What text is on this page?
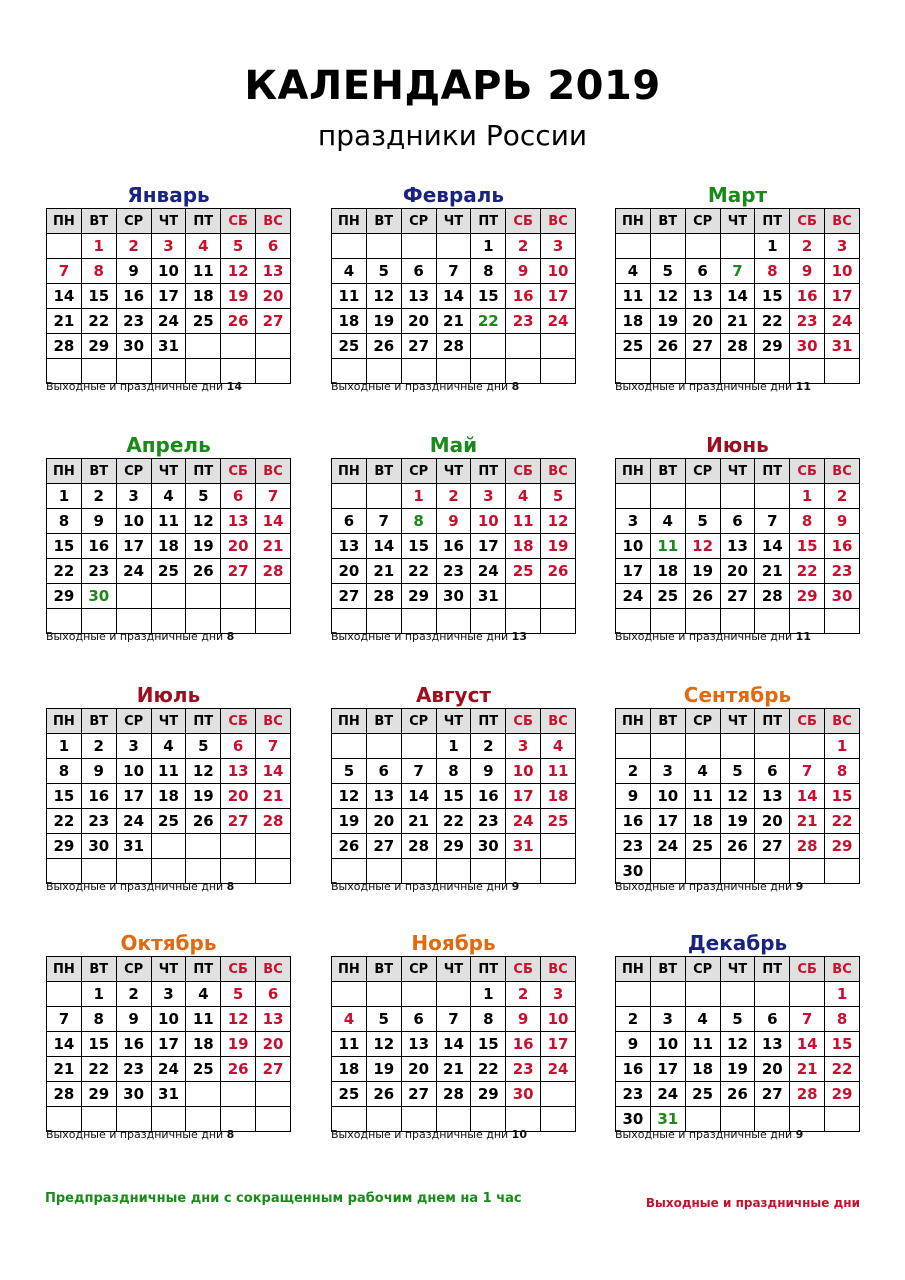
КАЛЕНДАРЬ 2019
праздники России
Январь
ПН	ВТ	СР	ЧТ	ПТ	СБ	ВС
	1	2	3	4	5	6
7	8	9	10	11	12	13
14	15	16	17	18	19	20
21	22	23	24	25	26	27
28	29	30	31			

Выходные и праздничные дни 14
Февраль
ПН	ВТ	СР	ЧТ	ПТ	СБ	ВС
				1	2	3
4	5	6	7	8	9	10
11	12	13	14	15	16	17
18	19	20	21	22	23	24
25	26	27	28			

Выходные и праздничные дни 8
Март
ПН	ВТ	СР	ЧТ	ПТ	СБ	ВС
				1	2	3
4	5	6	7	8	9	10
11	12	13	14	15	16	17
18	19	20	21	22	23	24
25	26	27	28	29	30	31

Выходные и праздничные дни 11
Апрель
ПН	ВТ	СР	ЧТ	ПТ	СБ	ВС
1	2	3	4	5	6	7
8	9	10	11	12	13	14
15	16	17	18	19	20	21
22	23	24	25	26	27	28
29	30					

Выходные и праздничные дни 8
Май
ПН	ВТ	СР	ЧТ	ПТ	СБ	ВС
		1	2	3	4	5
6	7	8	9	10	11	12
13	14	15	16	17	18	19
20	21	22	23	24	25	26
27	28	29	30	31		

Выходные и праздничные дни 13
Июнь
ПН	ВТ	СР	ЧТ	ПТ	СБ	ВС
					1	2
3	4	5	6	7	8	9
10	11	12	13	14	15	16
17	18	19	20	21	22	23
24	25	26	27	28	29	30

Выходные и праздничные дни 11
Июль
ПН	ВТ	СР	ЧТ	ПТ	СБ	ВС
1	2	3	4	5	6	7
8	9	10	11	12	13	14
15	16	17	18	19	20	21
22	23	24	25	26	27	28
29	30	31				

Выходные и праздничные дни 8
Август
ПН	ВТ	СР	ЧТ	ПТ	СБ	ВС
			1	2	3	4
5	6	7	8	9	10	11
12	13	14	15	16	17	18
19	20	21	22	23	24	25
26	27	28	29	30	31	

Выходные и праздничные дни 9
Сентябрь
ПН	ВТ	СР	ЧТ	ПТ	СБ	ВС
						1
2	3	4	5	6	7	8
9	10	11	12	13	14	15
16	17	18	19	20	21	22
23	24	25	26	27	28	29
30						
Выходные и праздничные дни 9
Октябрь
ПН	ВТ	СР	ЧТ	ПТ	СБ	ВС
	1	2	3	4	5	6
7	8	9	10	11	12	13
14	15	16	17	18	19	20
21	22	23	24	25	26	27
28	29	30	31			

Выходные и праздничные дни 8
Ноябрь
ПН	ВТ	СР	ЧТ	ПТ	СБ	ВС
				1	2	3
4	5	6	7	8	9	10
11	12	13	14	15	16	17
18	19	20	21	22	23	24
25	26	27	28	29	30	

Выходные и праздничные дни 10
Декабрь
ПН	ВТ	СР	ЧТ	ПТ	СБ	ВС
						1
2	3	4	5	6	7	8
9	10	11	12	13	14	15
16	17	18	19	20	21	22
23	24	25	26	27	28	29
30	31					
Выходные и праздничные дни 9
Предпраздничные дни с сокращенным рабочим днем на 1 час	Выходные и праздничные дни
